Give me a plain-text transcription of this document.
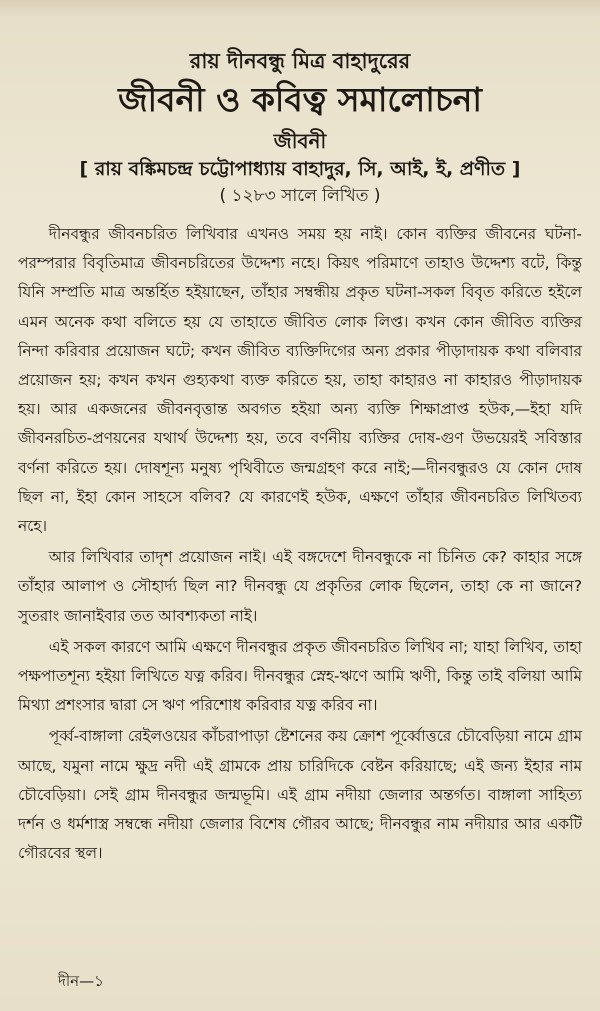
রায় দীনবন্ধু মিত্র বাহাদুরের
জীবনী ও কবিত্ব সমালোচনা
জীবনী
[ রায় বঙ্কিমচন্দ্র চট্টোপাধ্যায় বাহাদুর, সি, আই, ই, প্রণীত ]
( ১২৮৩ সালে লিখিত )

দীনবন্ধুর জীবনচরিত লিখিবার এখনও সময় হয় নাই। কোন ব্যক্তির জীবনের ঘটনা-পরম্পরার বিবৃতিমাত্র জীবনচরিতের উদ্দেশ্য নহে। কিয়ৎ পরিমাণে তাহাও উদ্দেশ্য বটে, কিন্তু যিনি সম্প্রতি মাত্র অন্তর্হিত হইয়াছেন, তাঁহার সম্বন্ধীয় প্রকৃত ঘটনা-সকল বিবৃত করিতে হইলে এমন অনেক কথা বলিতে হয় যে তাহাতে জীবিত লোক লিপ্ত। কখন কোন জীবিত ব্যক্তির নিন্দা করিবার প্রয়োজন ঘটে; কখন জীবিত ব্যক্তিদিগের অন্য প্রকার পীড়াদায়ক কথা বলিবার প্রয়োজন হয়; কখন কখন গুহ্যকথা ব্যক্ত করিতে হয়, তাহা কাহারও না কাহারও পীড়াদায়ক হয়। আর একজনের জীবনবৃত্তান্ত অবগত হইয়া অন্য ব্যক্তি শিক্ষাপ্রাপ্ত হউক,—ইহা যদি জীবনরচিত-প্রণয়নের যথার্থ উদ্দেশ্য হয়, তবে বর্ণনীয় ব্যক্তির দোষ-গুণ উভয়েরই সবিস্তার বর্ণনা করিতে হয়। দোষশূন্য মনুষ্য পৃথিবীতে জন্মগ্রহণ করে নাই;—দীনবন্ধুরও যে কোন দোষ ছিল না, ইহা কোন সাহসে বলিব? যে কারণেই হউক, এক্ষণে তাঁহার জীবনচরিত লিখিতব্য নহে।

আর লিখিবার তাদৃশ প্রয়োজন নাই। এই বঙ্গদেশে দীনবন্ধুকে না চিনিত কে? কাহার সঙ্গে তাঁহার আলাপ ও সৌহার্দ্য ছিল না? দীনবন্ধু যে প্রকৃতির লোক ছিলেন, তাহা কে না জানে? সুতরাং জানাইবার তত আবশ্যকতা নাই।

এই সকল কারণে আমি এক্ষণে দীনবন্ধুর প্রকৃত জীবনচরিত লিখিব না; যাহা লিখিব, তাহা পক্ষপাতশূন্য হইয়া লিখিতে যত্ন করিব। দীনবন্ধুর স্নেহ-ঋণে আমি ঋণী, কিন্তু তাই বলিয়া আমি মিথ্যা প্রশংসার দ্বারা সে ঋণ পরিশোধ করিবার যত্ন করিব না।

পূর্ব্ব-বাঙ্গালা রেইলওয়ের কাঁচরাপাড়া ষ্টেশনের কয় ক্রোশ পূর্ব্বোত্তরে চৌবেড়িয়া নামে গ্রাম আছে, যমুনা নামে ক্ষুদ্র নদী এই গ্রামকে প্রায় চারিদিকে বেষ্টন করিয়াছে; এই জন্য ইহার নাম চৌবেড়িয়া। সেই গ্রাম দীনবন্ধুর জন্মভূমি। এই গ্রাম নদীয়া জেলার অন্তর্গত। বাঙ্গালা সাহিত্য দর্শন ও ধর্মশাস্ত্র সম্বন্ধে নদীয়া জেলার বিশেষ গৌরব আছে; দীনবন্ধুর নাম নদীয়ার আর একটি গৌরবের স্থল।

দীন—১
